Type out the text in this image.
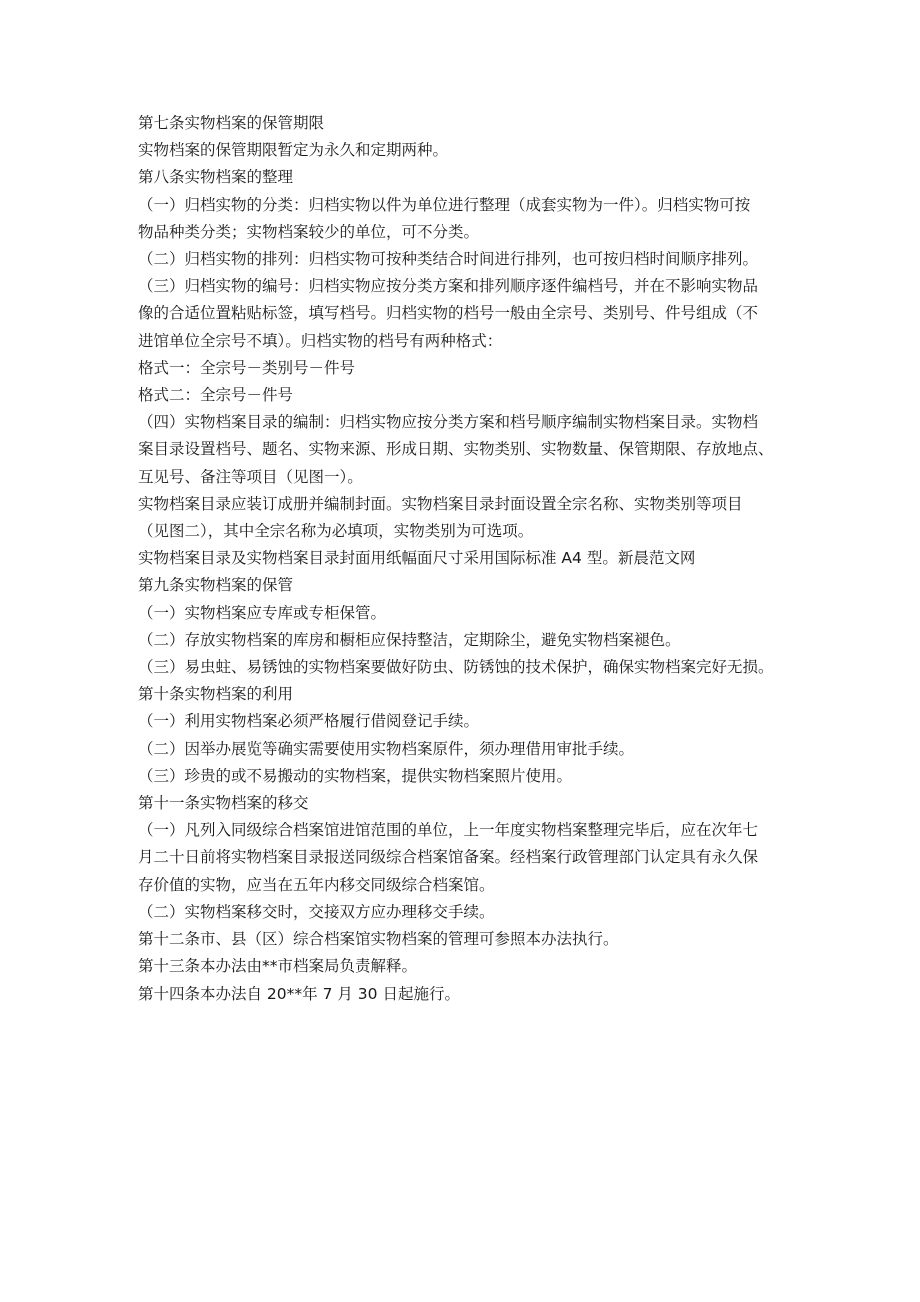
第七条实物档案的保管期限

实物档案的保管期限暂定为永久和定期两种。

第八条实物档案的整理

（一）归档实物的分类：归档实物以件为单位进行整理（成套实物为一件）。归档实物可按

物品种类分类；实物档案较少的单位，可不分类。

（二）归档实物的排列：归档实物可按种类结合时间进行排列，也可按归档时间顺序排列。

（三）归档实物的编号：归档实物应按分类方案和排列顺序逐件编档号，并在不影响实物品

像的合适位置粘贴标签，填写档号。归档实物的档号一般由全宗号、类别号、件号组成（不

进馆单位全宗号不填）。归档实物的档号有两种格式：

格式一：全宗号－类别号－件号

格式二：全宗号－件号

（四）实物档案目录的编制：归档实物应按分类方案和档号顺序编制实物档案目录。实物档

案目录设置档号、题名、实物来源、形成日期、实物类别、实物数量、保管期限、存放地点、

互见号、备注等项目（见图一）。

实物档案目录应装订成册并编制封面。实物档案目录封面设置全宗名称、实物类别等项目

（见图二），其中全宗名称为必填项，实物类别为可选项。

实物档案目录及实物档案目录封面用纸幅面尺寸采用国际标准 A4 型。新晨范文网

第九条实物档案的保管

（一）实物档案应专库或专柜保管。

（二）存放实物档案的库房和橱柜应保持整洁，定期除尘，避免实物档案褪色。

（三）易虫蛀、易锈蚀的实物档案要做好防虫、防锈蚀的技术保护，确保实物档案完好无损。

第十条实物档案的利用

（一）利用实物档案必须严格履行借阅登记手续。

（二）因举办展览等确实需要使用实物档案原件，须办理借用审批手续。

（三）珍贵的或不易搬动的实物档案，提供实物档案照片使用。

第十一条实物档案的移交

（一）凡列入同级综合档案馆进馆范围的单位，上一年度实物档案整理完毕后，应在次年七

月二十日前将实物档案目录报送同级综合档案馆备案。经档案行政管理部门认定具有永久保

存价值的实物，应当在五年内移交同级综合档案馆。

（二）实物档案移交时，交接双方应办理移交手续。

第十二条市、县（区）综合档案馆实物档案的管理可参照本办法执行。

第十三条本办法由**市档案局负责解释。

第十四条本办法自 20**年 7 月 30 日起施行。
